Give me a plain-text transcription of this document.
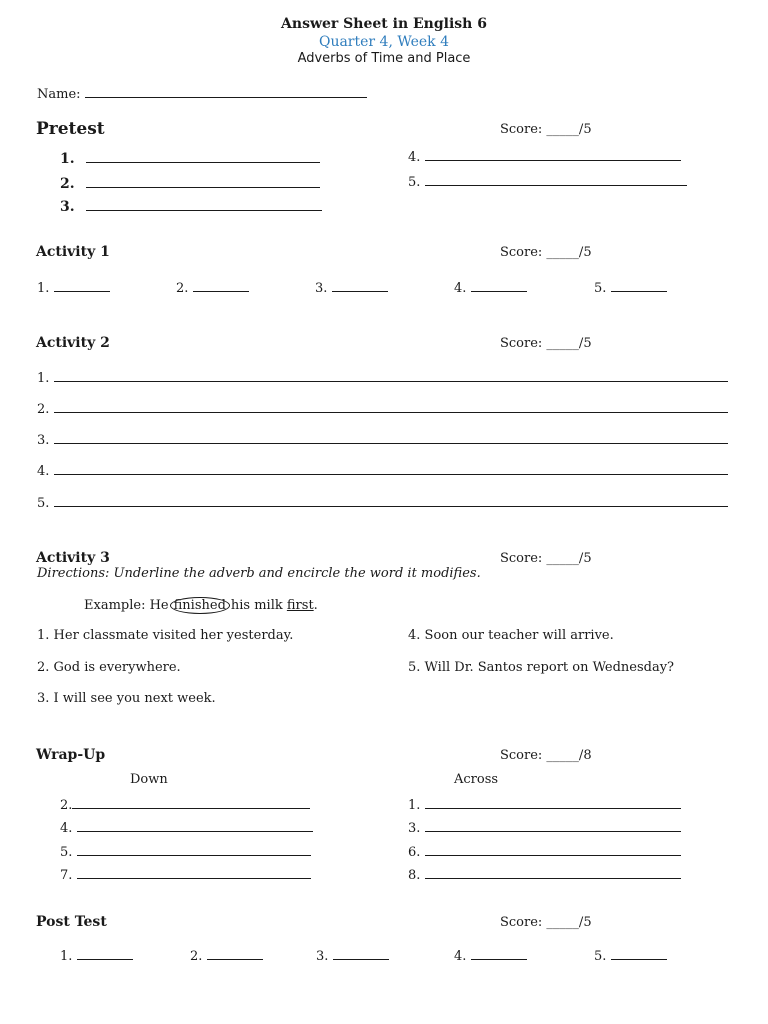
Answer Sheet in English 6
Quarter 4, Week 4
Adverbs of Time and Place
Name:
Pretest	Score: _____/5
1.
2.
3.
4.
5.
Activity 1	Score: _____/5
1.	2.	3.	4.	5.
Activity 2	Score: _____/5
1.
2.
3.
4.
5.
Activity 3	Score: _____/5
Directions: Underline the adverb and encircle the word it modifies.
Example: He finished his milk first.
1. Her classmate visited her yesterday.
2. God is everywhere.
3. I will see you next week.
4. Soon our teacher will arrive.
5. Will Dr. Santos report on Wednesday?
Wrap-Up	Score: _____/8
Down	Across
2.
4.
5.
7.
1.
3.
6.
8.
Post Test	Score: _____/5
1.	2.	3.	4.	5.
